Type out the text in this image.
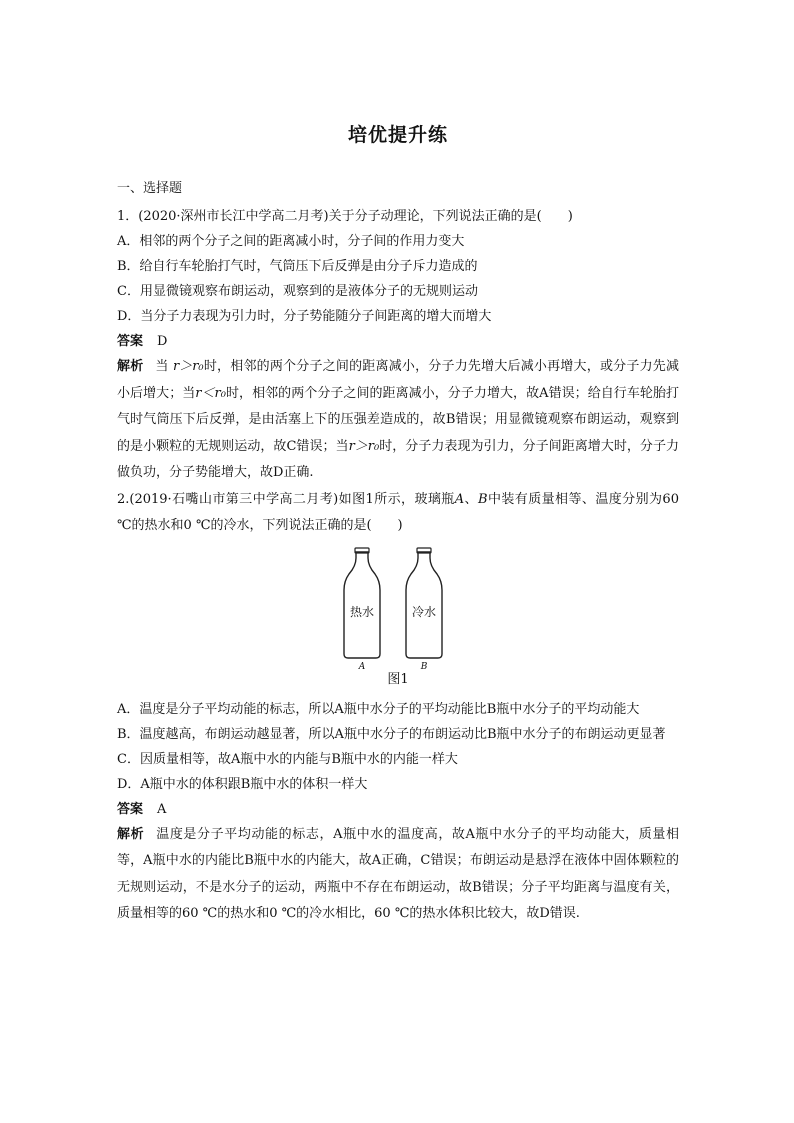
培优提升练
一、选择题
1．(2020·深州市长江中学高二月考)关于分子动理论，下列说法正确的是(　　)
A．相邻的两个分子之间的距离减小时，分子间的作用力变大
B．给自行车轮胎打气时，气筒压下后反弹是由分子斥力造成的
C．用显微镜观察布朗运动，观察到的是液体分子的无规则运动
D．当分子力表现为引力时，分子势能随分子间距离的增大而增大
答案 D
解析 当 r＞r₀时，相邻的两个分子之间的距离减小，分子力先增大后减小再增大，或分子力先减小后增大；当r＜r₀时，相邻的两个分子之间的距离减小，分子力增大，故A错误；给自行车轮胎打气时气筒压下后反弹，是由活塞上下的压强差造成的，故B错误；用显微镜观察布朗运动，观察到的是小颗粒的无规则运动，故C错误；当r＞r₀时，分子力表现为引力，分子间距离增大时，分子力做负功，分子势能增大，故D正确.
2.(2019·石嘴山市第三中学高二月考)如图1所示，玻璃瓶A、B中装有质量相等、温度分别为60 ℃的热水和0 ℃的冷水，下列说法正确的是(　　)
热水
A
冷水
B
图1
A．温度是分子平均动能的标志，所以A瓶中水分子的平均动能比B瓶中水分子的平均动能大
B．温度越高，布朗运动越显著，所以A瓶中水分子的布朗运动比B瓶中水分子的布朗运动更显著
C．因质量相等，故A瓶中水的内能与B瓶中水的内能一样大
D．A瓶中水的体积跟B瓶中水的体积一样大
答案 A
解析 温度是分子平均动能的标志，A瓶中水的温度高，故A瓶中水分子的平均动能大，质量相等，A瓶中水的内能比B瓶中水的内能大，故A正确，C错误；布朗运动是悬浮在液体中固体颗粒的无规则运动，不是水分子的运动，两瓶中不存在布朗运动，故B错误；分子平均距离与温度有关，质量相等的60 ℃的热水和0 ℃的冷水相比，60 ℃的热水体积比较大，故D错误.
